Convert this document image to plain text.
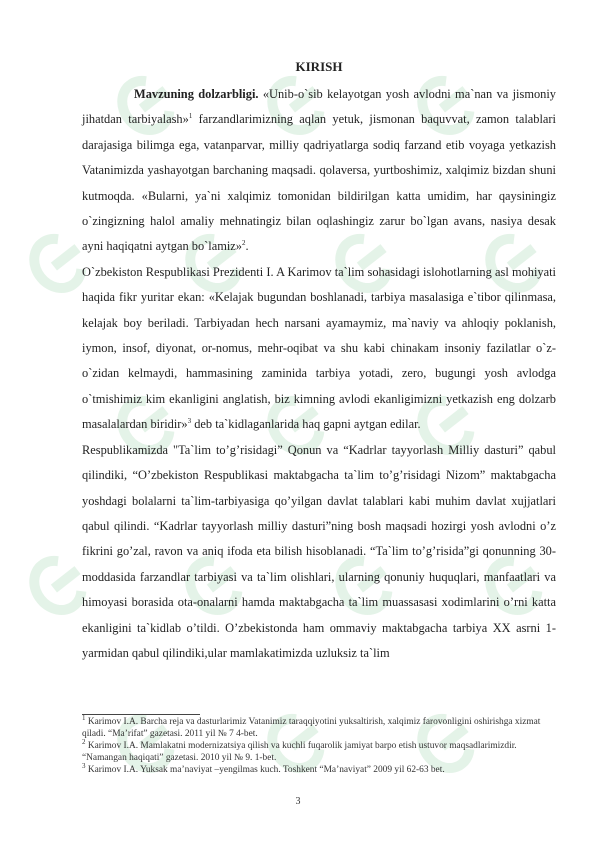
KIRISH

Mavzuning dolzarbligi. «Unib-o`sib kelayotgan yosh avlodni ma`nan va jismoniy jihatdan tarbiyalash»$^1$ farzandlarimizning aqlan yetuk, jismonan baquvvat, zamon talablari darajasiga bilimga ega, vatanparvar, milliy qadriyatlarga sodiq farzand etib voyaga yetkazish Vatanimizda yashayotgan barchaning maqsadi. qolaversa, yurtboshimiz, xalqimiz bizdan shuni kutmoqda. «Bularni, ya`ni xalqimiz tomonidan bildirilgan katta umidim, har qaysiningiz o`zingizning halol amaliy mehnatingiz bilan oqlashingiz zarur bo`lgan avans, nasiya desak ayni haqiqatni aytgan bo`lamiz»$^2$.

O`zbekiston Respublikasi Prezidenti I. A Karimov ta`lim sohasidagi islohotlarning asl mohiyati haqida fikr yuritar ekan: «Kelajak bugundan boshlanadi, tarbiya masalasiga e`tibor qilinmasa, kelajak boy beriladi. Tarbiyadan hech narsani ayamaymiz, ma`naviy va ahloqiy poklanish, iymon, insof, diyonat, or-nomus, mehr-oqibat va shu kabi chinakam insoniy fazilatlar o`z-o`zidan kelmaydi, hammasining zaminida tarbiya yotadi, zero, bugungi yosh avlodga o`tmishimiz kim ekanligini anglatish, biz kimning avlodi ekanligimizni yetkazish eng dolzarb masalalardan biridir»$^3$ deb ta`kidlaganlarida haq gapni aytgan edilar.

Respublikamizda "Ta`lim to’g’risidagi” Qonun va “Kadrlar tayyorlash Milliy dasturi” qabul qilindiki, “O’zbekiston Respublikasi maktabgacha ta`lim to’g’risidagi Nizom” maktabgacha yoshdagi bolalarni ta`lim-tarbiyasiga qo’yilgan davlat talablari kabi muhim davlat xujjatlari qabul qilindi. “Kadrlar tayyorlash milliy dasturi”ning bosh maqsadi hozirgi yosh avlodni o’z fikrini go’zal, ravon va aniq ifoda eta bilish hisoblanadi. “Ta`lim to’g’risida”gi qonunning 30-moddasida farzandlar tarbiyasi va ta`lim olishlari, ularning qonuniy huquqlari, manfaatlari va himoyasi borasida ota-onalarni hamda maktabgacha ta`lim muassasasi xodimlarini o’rni katta ekanligini ta`kidlab o’tildi. O’zbekistonda ham ommaviy maktabgacha tarbiya XX asrni 1-yarmidan qabul qilindiki,ular mamlakatimizda uzluksiz ta`lim

$^1$ Karimov I.A. Barcha reja va dasturlarimiz Vatanimiz taraqqiyotini yuksaltirish, xalqimiz farovonligini oshirishga xizmat qiladi. “Ma’rifat” gazetasi. 2011 yil № 7 4-bet.

$^2$ Karimov I.A. Mamlakatni modernizatsiya qilish va kuchli fuqarolik jamiyat barpo etish ustuvor maqsadlarimizdir. “Namangan haqiqati” gazetasi. 2010 yil № 9. 1-bet.

$^3$ Karimov I.A. Yuksak ma’naviyat –yengilmas kuch. Toshkent “Ma’naviyat” 2009 yil 62-63 bet.

3
